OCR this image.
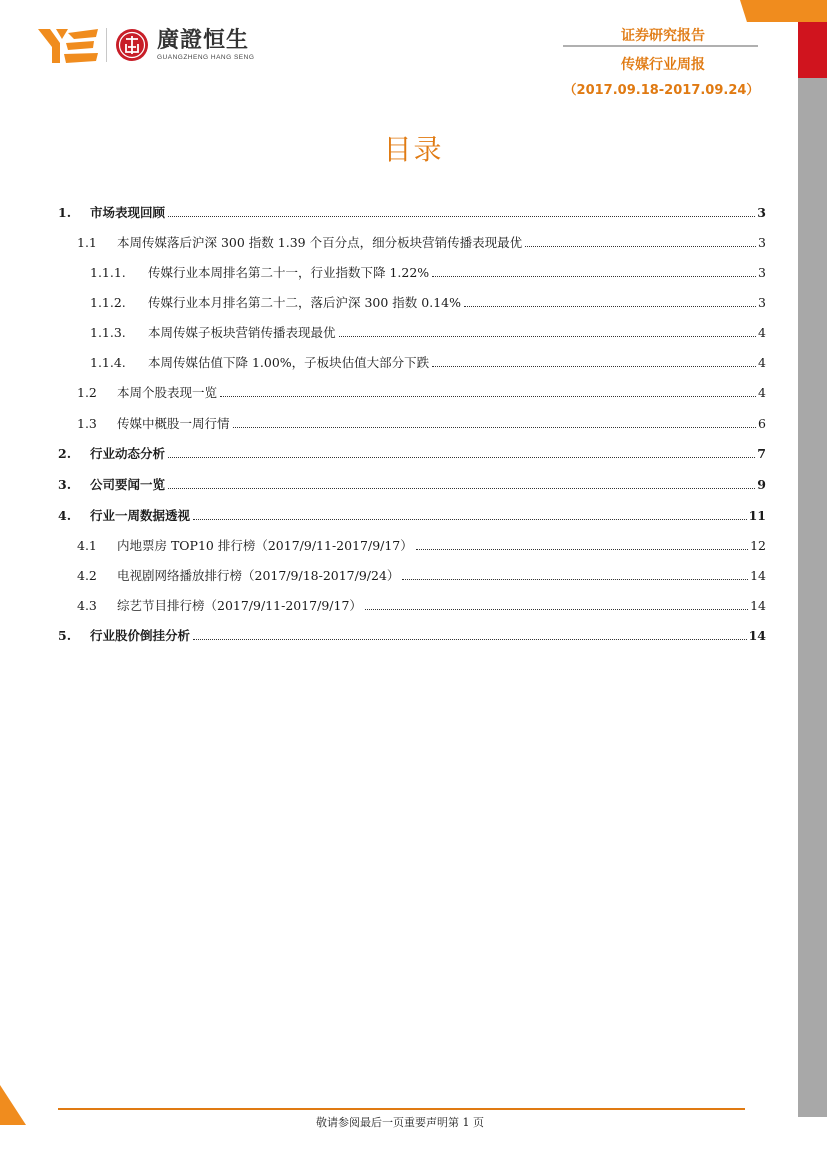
廣證恒生
GUANGZHENG HANG SENG
证券研究报告
传媒行业周报
（2017.09.18-2017.09.24）
目录
1.	市场表现回顾	3
1.1	本周传媒落后沪深 300 指数 1.39 个百分点，细分板块营销传播表现最优	3
1.1.1.	传媒行业本周排名第二十一，行业指数下降 1.22%	3
1.1.2.	传媒行业本月排名第二十二，落后沪深 300 指数 0.14%	3
1.1.3.	本周传媒子板块营销传播表现最优	4
1.1.4.	本周传媒估值下降 1.00%，子板块估值大部分下跌	4
1.2	本周个股表现一览	4
1.3	传媒中概股一周行情	6
2.	行业动态分析	7
3.	公司要闻一览	9
4.	行业一周数据透视	11
4.1	内地票房 TOP10 排行榜（2017/9/11-2017/9/17）	12
4.2	电视剧网络播放排行榜（2017/9/18-2017/9/24）	14
4.3	综艺节目排行榜（2017/9/11-2017/9/17）	14
5.	行业股价倒挂分析	14
敬请参阅最后一页重要声明第 1 页
